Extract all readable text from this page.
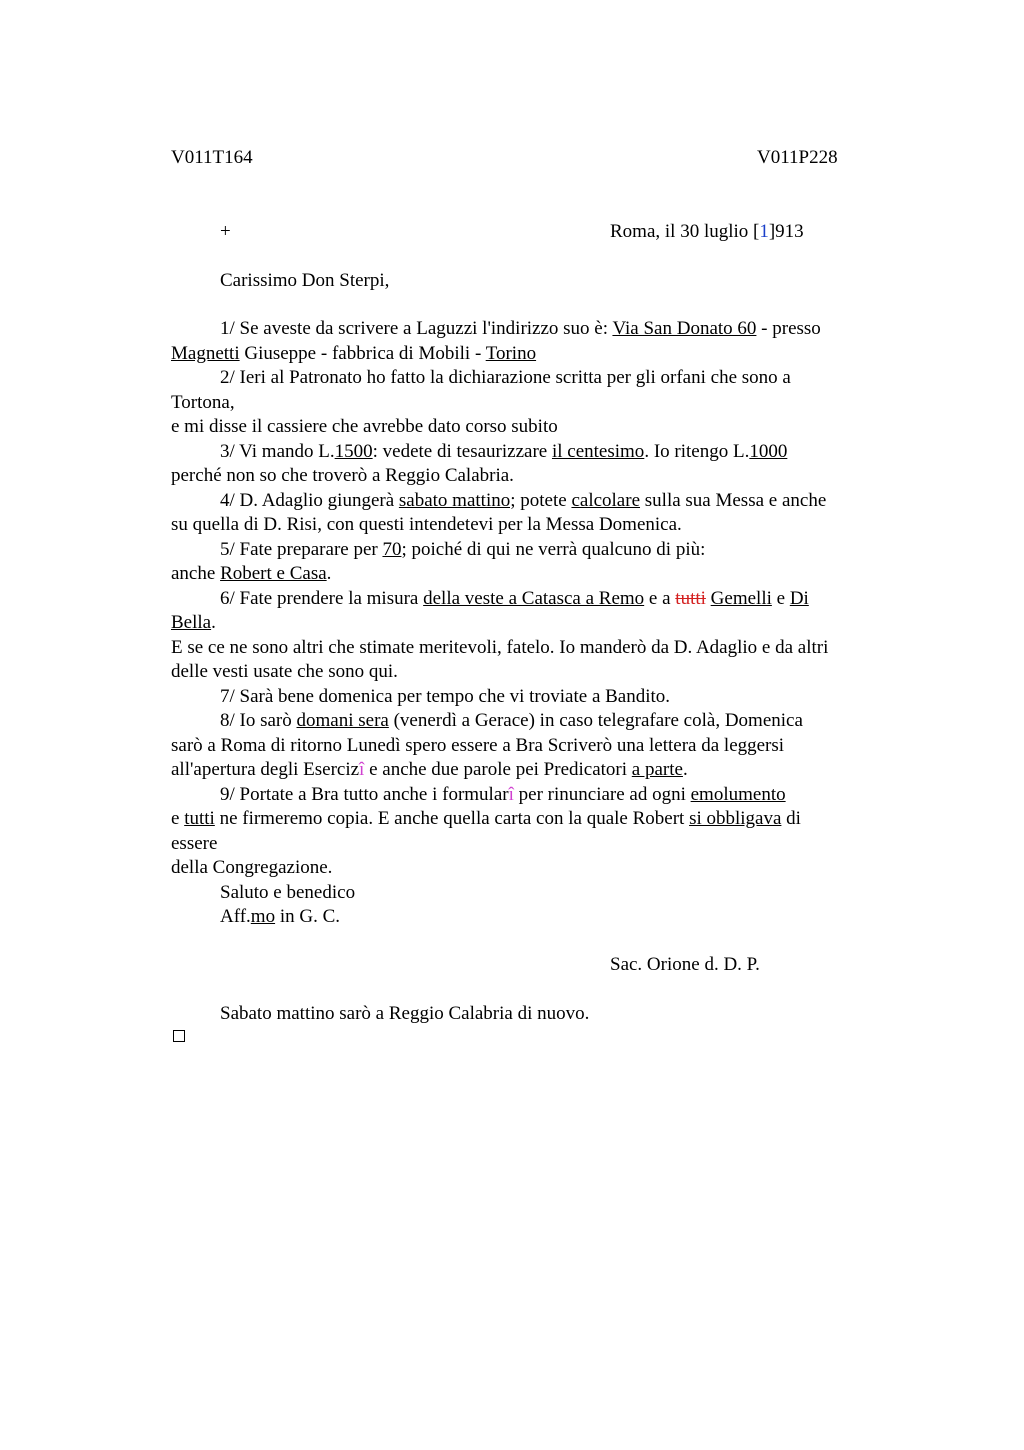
V011T164	V011P228
+	Roma, il 30 luglio [1]913
Carissimo Don Sterpi,
1/ Se aveste da scrivere a Laguzzi l'indirizzo suo è: Via San Donato 60 - presso
Magnetti Giuseppe - fabbrica di Mobili - Torino
2/ Ieri al Patronato ho fatto la dichiarazione scritta per gli orfani che sono a
Tortona,
e mi disse il cassiere che avrebbe dato corso subito
3/ Vi mando L.1500: vedete di tesaurizzare il centesimo. Io ritengo L.1000
perché non so che troverò a Reggio Calabria.
4/ D. Adaglio giungerà sabato mattino; potete calcolare sulla sua Messa e anche
su quella di D. Risi, con questi intendetevi per la Messa Domenica.
5/ Fate preparare per 70; poiché di qui ne verrà qualcuno di più:
anche Robert e Casa.
6/ Fate prendere la misura della veste a Catasca a Remo e a tutti Gemelli e Di
Bella.
E se ce ne sono altri che stimate meritevoli, fatelo. Io manderò da D. Adaglio e da altri
delle vesti usate che sono qui.
7/ Sarà bene domenica per tempo che vi troviate a Bandito.
8/ Io sarò domani sera (venerdì a Gerace) in caso telegrafare colà, Domenica
sarò a Roma di ritorno Lunedì spero essere a Bra Scriverò una lettera da leggersi
all'apertura degli Esercizî e anche due parole pei Predicatori a parte.
9/ Portate a Bra tutto anche i formularî per rinunciare ad ogni emolumento
e tutti ne firmeremo copia. E anche quella carta con la quale Robert si obbligava di
essere
della Congregazione.
Saluto e benedico
Aff.mo in G. C.
Sac. Orione d. D. P.
Sabato mattino sarò a Reggio Calabria di nuovo.
